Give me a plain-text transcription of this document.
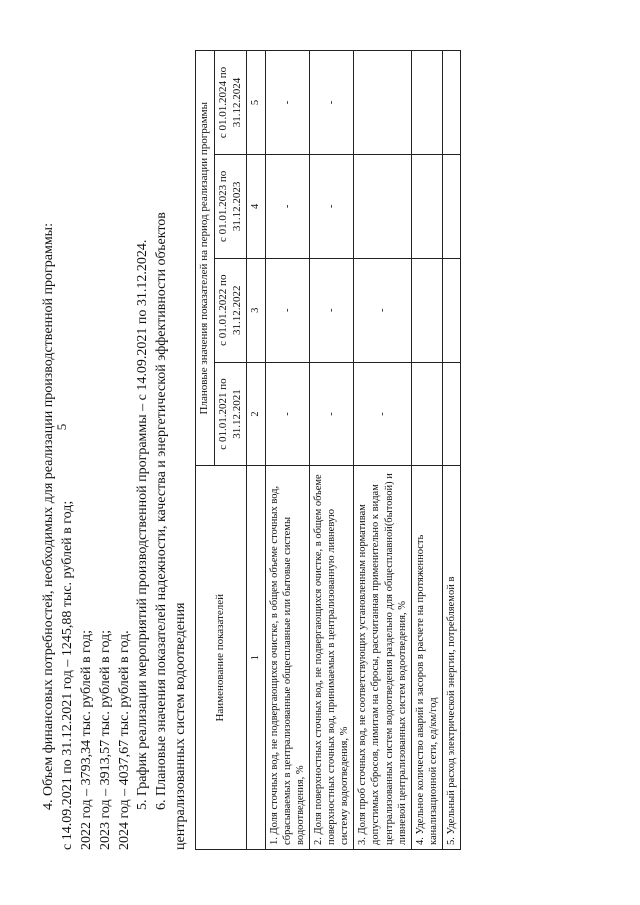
5
4. Объем финансовых потребностей, необходимых для реализации производственной программы: с 14.09.2021 по 31.12.2021 год – 1245,88 тыс. рублей в год; 2022 год – 3793,34 тыс. рублей в год; 2023 год – 3913,57 тыс. рублей в год; 2024 год – 4037,67 тыс. рублей в год. 5. График реализации мероприятий производственной программы – с 14.09.2021 по 31.12.2024. 6. Плановые значения показателей надежности, качества и энергетической эффективности объектов централизованных систем водоотведения Наименование показателей	Плановые значения показателей на период реализации программы			
	с 01.01.2021 по 31.12.2021	с 01.01.2022 по 31.12.2022	с 01.01.2023 по 31.12.2023	с 01.01.2024 по 31.12.2024
1	2	3	4	5
1. Доля сточных вод, не подвергающихся очистке, в общем объеме сточных вод, сбрасываемых в централизованные общесплавные или бытовые системы водоотведения, %	-	-	-	-
2. Доля поверхностных сточных вод, не подвергающихся очистке, в общем объеме поверхностных сточных вод, принимаемых в централизованную ливневую систему водоотведения, %	-	-	-	-
3. Доля проб сточных вод, не соответствующих установленным нормативам допустимых сбросов, лимитам на сбросы, рассчитанная применительно к видам централизованных систем водоотведения раздельно для общесплавной(бытовой) и ливневой централизованных систем водоотведения, %	-	-		
4. Удельное количество аварий и засоров в расчете на протяженность канализационной сети, ед/км/год				
5. Удельный расход электрической энергии, потребляемой в				
